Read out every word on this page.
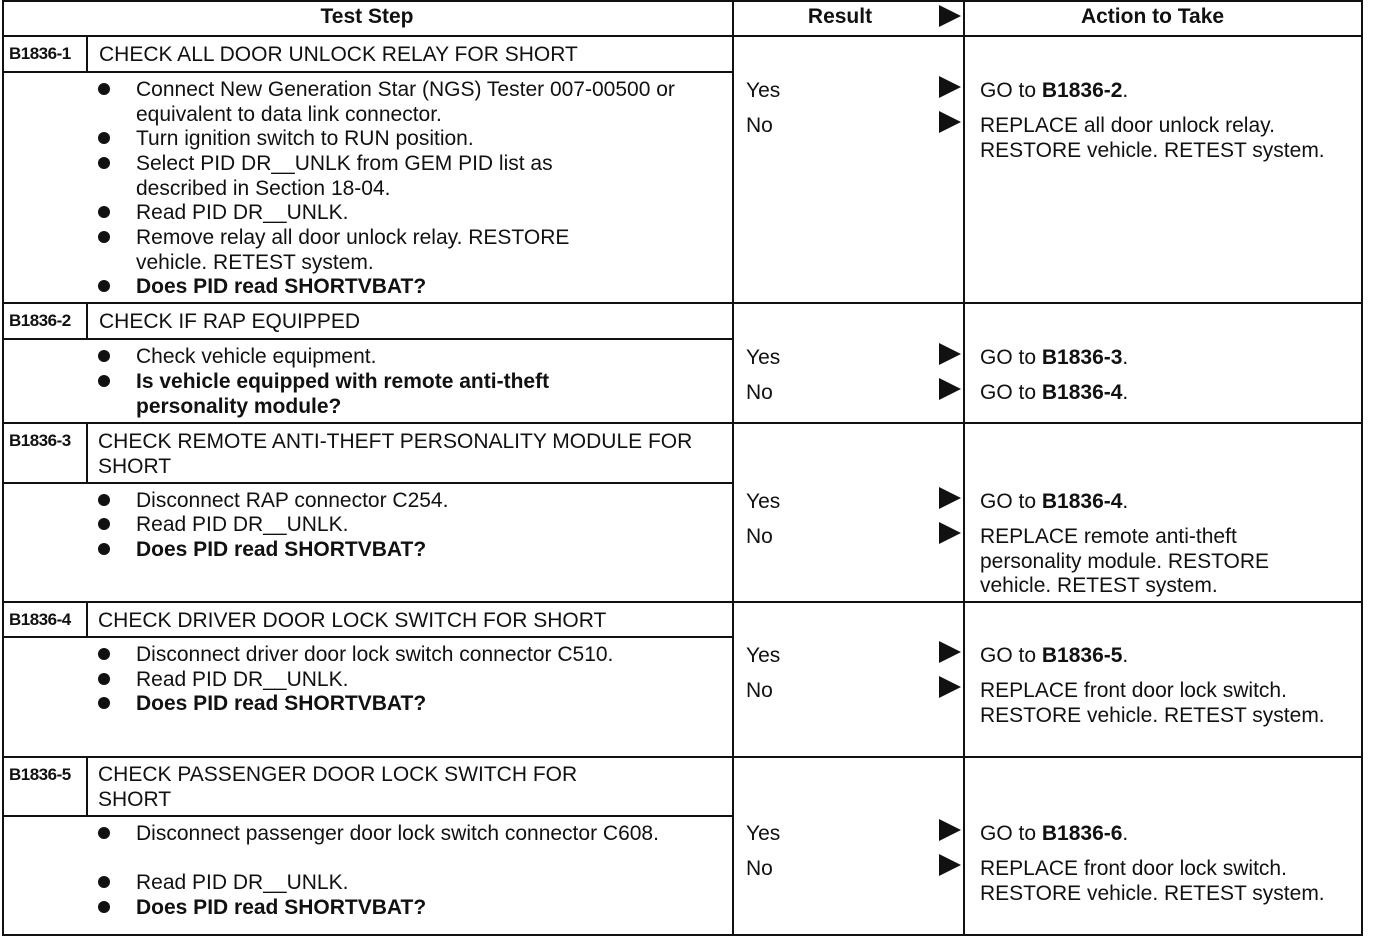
Test Step	Result	Action to Take
B1836-1 CHECK ALL DOOR UNLOCK RELAY FOR SHORT
Connect New Generation Star (NGS) Tester 007-00500 or equivalent to data link connector.
Turn ignition switch to RUN position.
Select PID DR__UNLK from GEM PID list as described in Section 18-04.
Read PID DR__UNLK.
Remove relay all door unlock relay. RESTORE vehicle. RETEST system.
Does PID read SHORTVBAT?
Yes
No
GO to B1836-2.
REPLACE all door unlock relay. RESTORE vehicle. RETEST system.
B1836-2 CHECK IF RAP EQUIPPED
Check vehicle equipment.
Is vehicle equipped with remote anti-theft personality module?
Yes
No
GO to B1836-3.
GO to B1836-4.
B1836-3 CHECK REMOTE ANTI-THEFT PERSONALITY MODULE FOR SHORT
Disconnect RAP connector C254.
Read PID DR__UNLK.
Does PID read SHORTVBAT?
Yes
No
GO to B1836-4.
REPLACE remote anti-theft personality module. RESTORE vehicle. RETEST system.
B1836-4 CHECK DRIVER DOOR LOCK SWITCH FOR SHORT
Disconnect driver door lock switch connector C510.
Read PID DR__UNLK.
Does PID read SHORTVBAT?
Yes
No
GO to B1836-5.
REPLACE front door lock switch. RESTORE vehicle. RETEST system.
B1836-5 CHECK PASSENGER DOOR LOCK SWITCH FOR SHORT
Disconnect passenger door lock switch connector C608.
Read PID DR__UNLK.
Does PID read SHORTVBAT?
Yes
No
GO to B1836-6.
REPLACE front door lock switch. RESTORE vehicle. RETEST system.
